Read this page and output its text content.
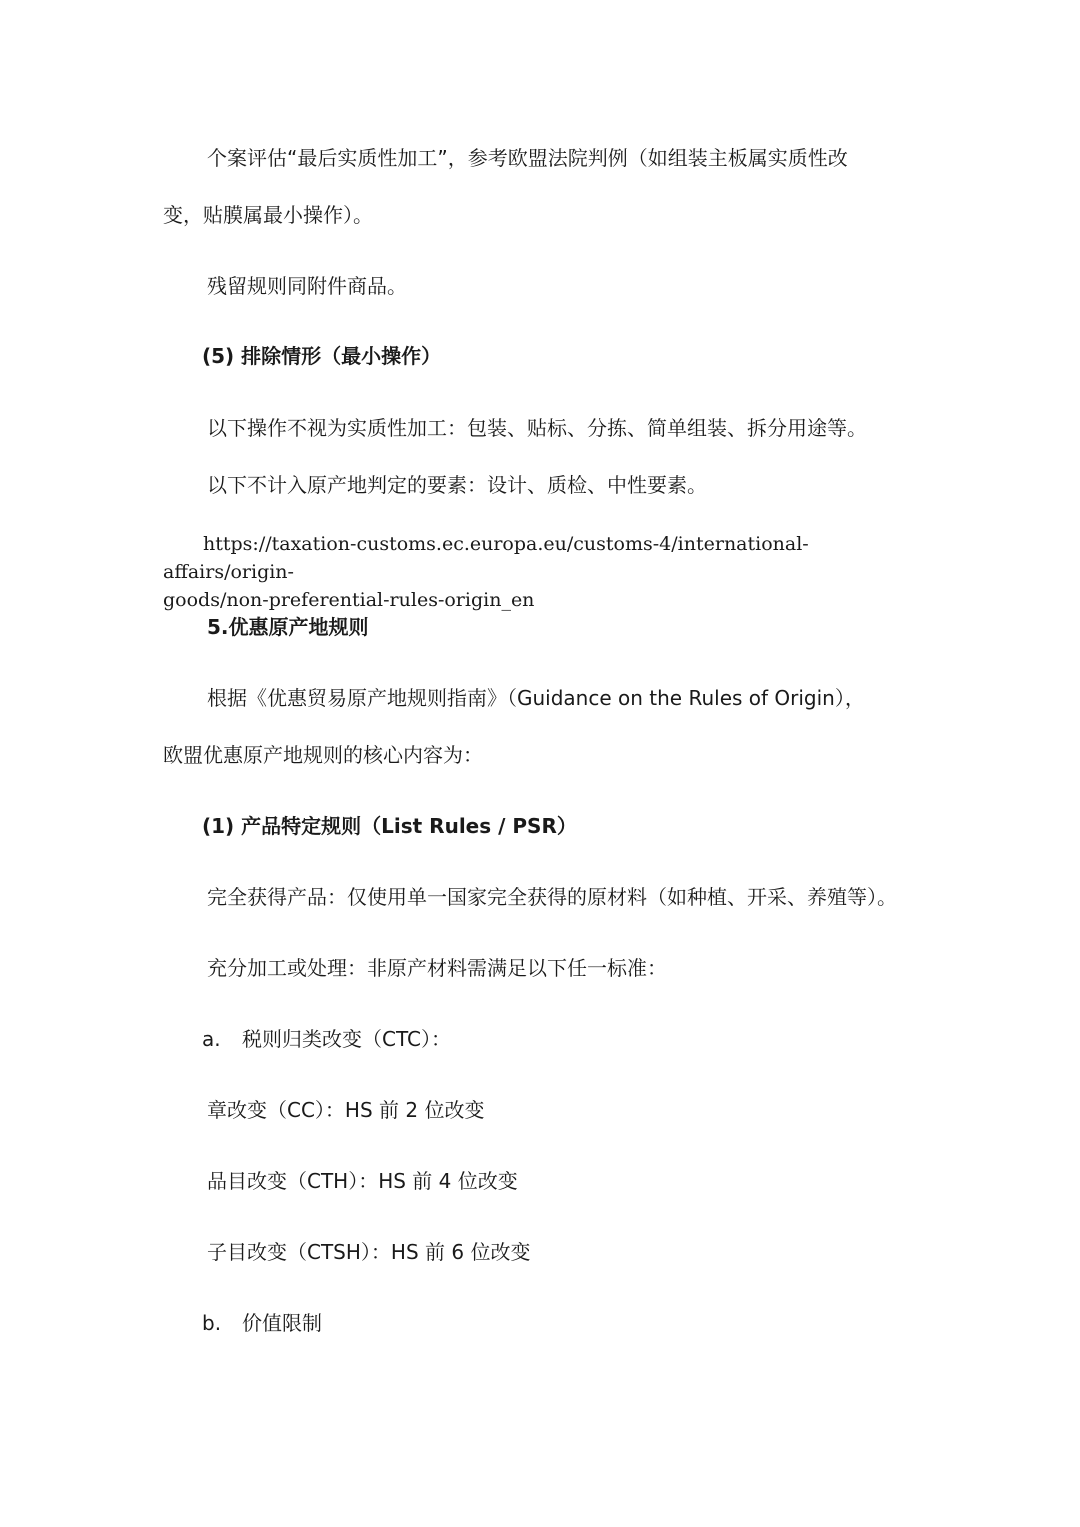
个案评估“最后实质性加工”，参考欧盟法院判例（如组装主板属实质性改

变，贴膜属最小操作）。

残留规则同附件商品。

(5) 排除情形（最小操作）

以下操作不视为实质性加工：包装、贴标、分拣、简单组装、拆分用途等。

以下不计入原产地判定的要素：设计、质检、中性要素。

https://taxation-customs.ec.europa.eu/customs-4/international-affairs/origin-
goods/non-preferential-rules-origin_en

5.优惠原产地规则

根据《优惠贸易原产地规则指南》（Guidance on the Rules of Origin），

欧盟优惠原产地规则的核心内容为：

(1) 产品特定规则（List Rules / PSR）

完全获得产品：仅使用单一国家完全获得的原材料（如种植、开采、养殖等）。

充分加工或处理：非原产材料需满足以下任一标准：

a. 税则归类改变（CTC）：

章改变（CC）：HS 前 2 位改变

品目改变（CTH）：HS 前 4 位改变

子目改变（CTSH）：HS 前 6 位改变

b. 价值限制
